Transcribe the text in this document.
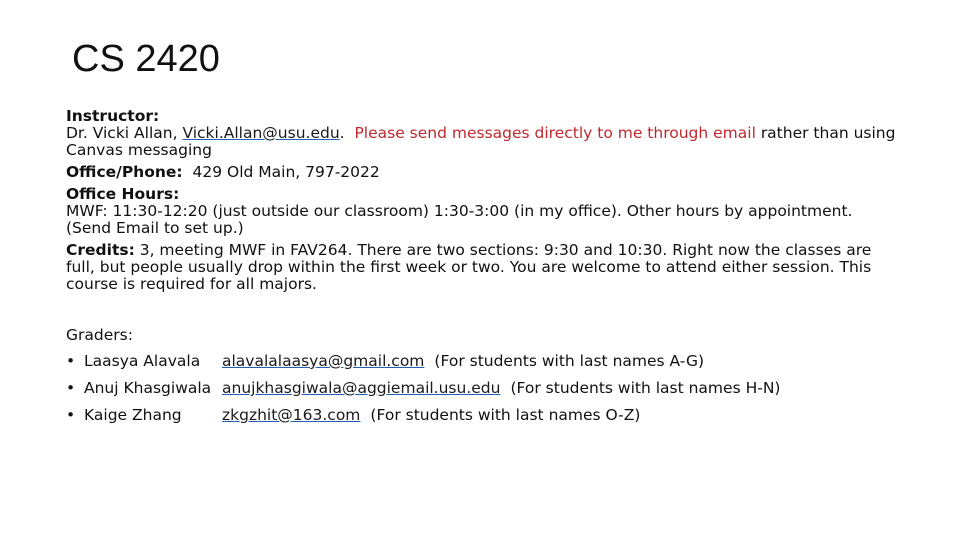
CS 2420
Instructor:
Dr. Vicki Allan, Vicki.Allan@usu.edu. Please send messages directly to me through email rather than using Canvas messaging
Office/Phone: 429 Old Main, 797-2022
Office Hours:
MWF: 11:30-12:20 (just outside our classroom) 1:30-3:00 (in my office). Other hours by appointment. (Send Email to set up.)
Credits: 3, meeting MWF in FAV264. There are two sections: 9:30 and 10:30. Right now the classes are full, but people usually drop within the first week or two. You are welcome to attend either session. This course is required for all majors.
Graders:
• Laasya Alavala	alavalalaasya@gmail.com (For students with last names A-G)
• Anuj Khasgiwala anujkhasgiwala@aggiemail.usu.edu (For students with last names H-N)
• Kaige Zhang	zkgzhit@163.com (For students with last names O-Z)
